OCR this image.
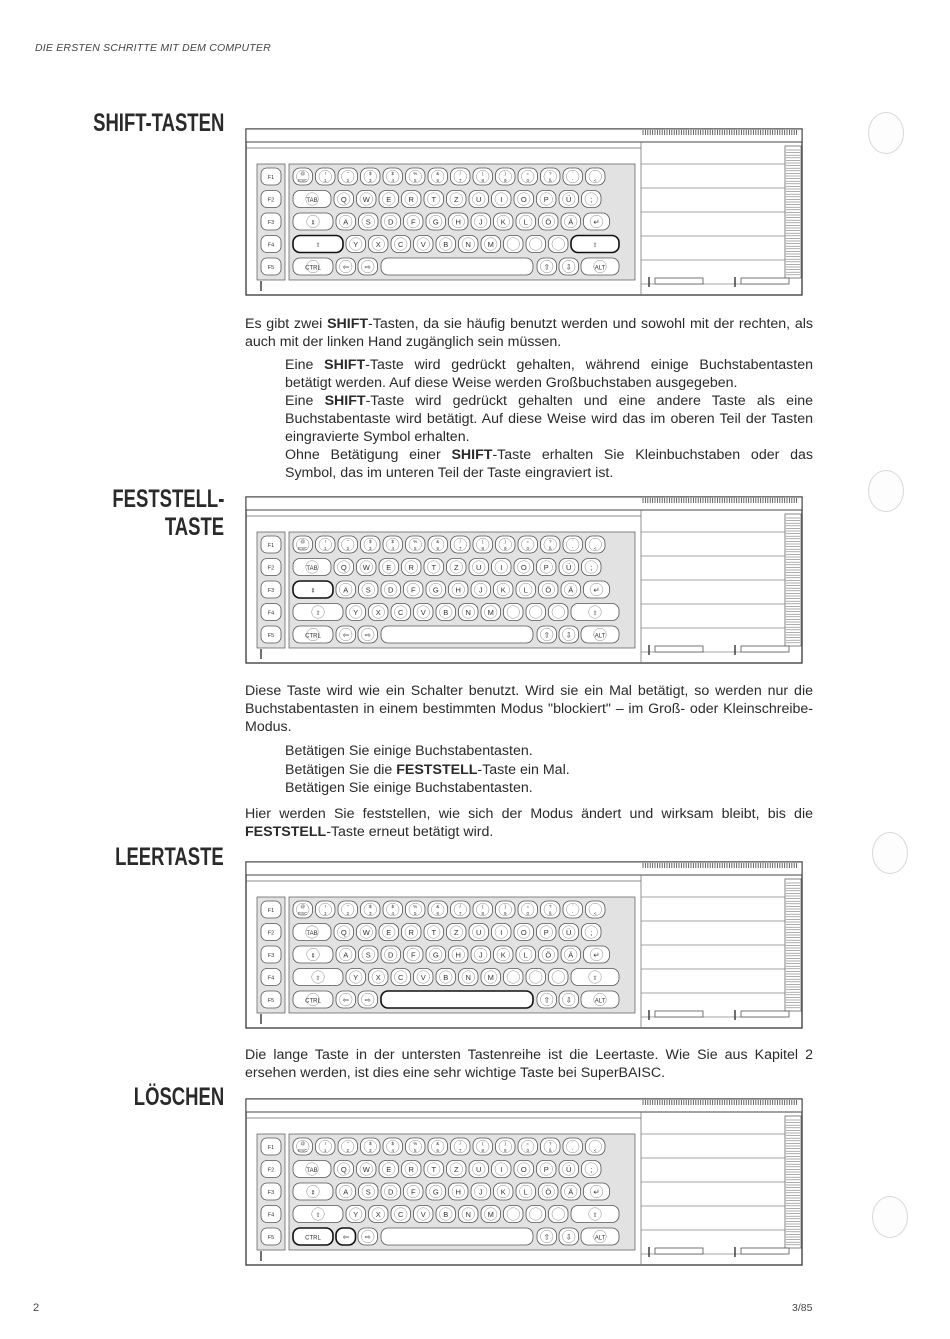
DIE ERSTEN SCHRITTE MIT DEM COMPUTER
SHIFT-TASTEN
F1
F2
F3
F4
F5
@
ESC
!
1
"
2
$
3
$
4
%
5
&
6
/
7
(
8
)
9
=
0
?
ß
`
'	<
TAB	Q W E R T Z U I O P Ü ;
⇕	A S D F G H J K L Ö Ä	↵
⇧	Y X C V B N M	⇧
CTRL	⇦ ⇨	⇧ ⇩	ALT
Es gibt zwei SHIFT-Tasten, da sie häufig benutzt werden und sowohl mit der rechten, als auch mit der linken Hand zugänglich sein müssen.
Eine SHIFT-Taste wird gedrückt gehalten, während einige Buchstabentasten betätigt werden. Auf diese Weise werden Großbuchstaben ausgegeben.
Eine SHIFT-Taste wird gedrückt gehalten und eine andere Taste als eine Buchstabentaste wird betätigt. Auf diese Weise wird das im oberen Teil der Tasten eingravierte Symbol erhalten.
Ohne Betätigung einer SHIFT-Taste erhalten Sie Kleinbuchstaben oder das Symbol, das im unteren Teil der Taste eingraviert ist.
FESTSTELL-
TASTE
F1
F2
F3
F4
F5
@
ESC
!
1
"
2
$
3
$
4
%
5
&
6
/
7
(
8
)
9
=
0
?
ß
`
'	<
TAB	Q W E R T Z U I O P Ü ;
⇕	A S D F G H J K L Ö Ä	↵
⇧	Y X C V B N M	⇧
CTRL	⇦ ⇨	⇧ ⇩	ALT
Diese Taste wird wie ein Schalter benutzt. Wird sie ein Mal betätigt, so werden nur die Buchstabentasten in einem bestimmten Modus "blockiert" – im Groß- oder Kleinschreibe-Modus.
Betätigen Sie einige Buchstabentasten.
Betätigen Sie die FESTSTELL-Taste ein Mal.
Betätigen Sie einige Buchstabentasten.
Hier werden Sie feststellen, wie sich der Modus ändert und wirksam bleibt, bis die FESTSTELL-Taste erneut betätigt wird.
LEERTASTE
F1
F2
F3
F4
F5
@
ESC
!
1
"
2
$
3
$
4
%
5
&
6
/
7
(
8
)
9
=
0
?
ß
`
'	<
TAB	Q W E R T Z U I O P Ü ;
⇕	A S D F G H J K L Ö Ä	↵
⇧	Y X C V B N M	⇧
CTRL	⇦ ⇨	⇧ ⇩	ALT
Die lange Taste in der untersten Tastenreihe ist die Leertaste. Wie Sie aus Kapitel 2 ersehen werden, ist dies eine sehr wichtige Taste bei SuperBAISC.
LÖSCHEN
F1
F2
F3
F4
F5
@
ESC
!
1
"
2
$
3
$
4
%
5
&
6
/
7
(
8
)
9
=
0
?
ß
`
'	<
TAB	Q W E R T Z U I O P Ü ;
⇕	A S D F G H J K L Ö Ä	↵
⇧	Y X C V B N M	⇧
CTRL	⇦ ⇨	⇧ ⇩	ALT
2	3/85
